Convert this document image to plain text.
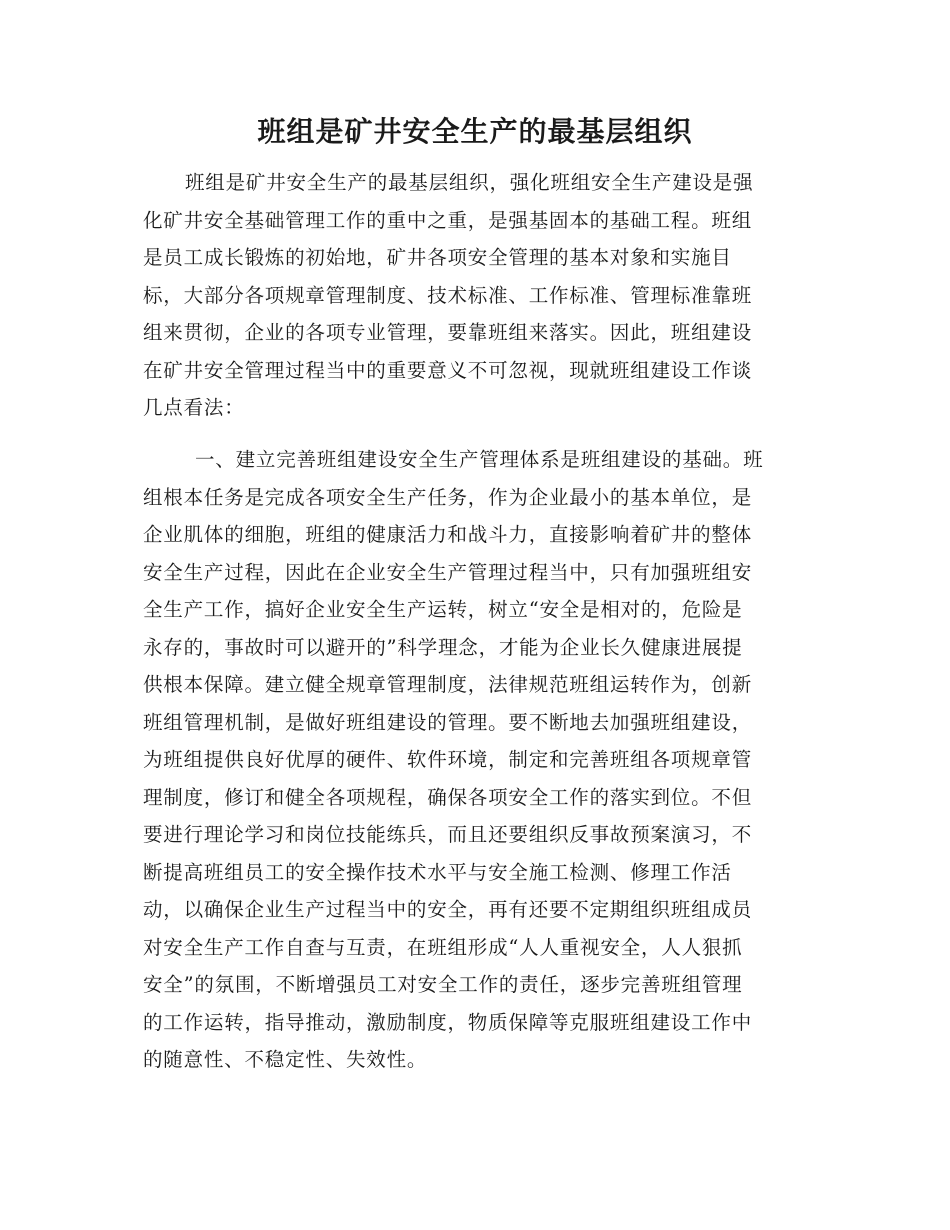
班组是矿井安全生产的最基层组织
班组是矿井安全生产的最基层组织，强化班组安全生产建设是强
化矿井安全基础管理工作的重中之重，是强基固本的基础工程。班组
是员工成长锻炼的初始地，矿井各项安全管理的基本对象和实施目
标，大部分各项规章管理制度、技术标准、工作标准、管理标准靠班
组来贯彻，企业的各项专业管理，要靠班组来落实。因此，班组建设
在矿井安全管理过程当中的重要意义不可忽视，现就班组建设工作谈
几点看法：
一、建立完善班组建设安全生产管理体系是班组建设的基础。班
组根本任务是完成各项安全生产任务，作为企业最小的基本单位，是
企业肌体的细胞，班组的健康活力和战斗力，直接影响着矿井的整体
安全生产过程，因此在企业安全生产管理过程当中，只有加强班组安
全生产工作，搞好企业安全生产运转，树立“安全是相对的，危险是
永存的，事故时可以避开的”科学理念，才能为企业长久健康进展提
供根本保障。建立健全规章管理制度，法律规范班组运转作为，创新
班组管理机制，是做好班组建设的管理。要不断地去加强班组建设，
为班组提供良好优厚的硬件、软件环境，制定和完善班组各项规章管
理制度，修订和健全各项规程，确保各项安全工作的落实到位。不但
要进行理论学习和岗位技能练兵，而且还要组织反事故预案演习，不
断提高班组员工的安全操作技术水平与安全施工检测、修理工作活
动，以确保企业生产过程当中的安全，再有还要不定期组织班组成员
对安全生产工作自查与互责，在班组形成“人人重视安全，人人狠抓
安全”的氛围，不断增强员工对安全工作的责任，逐步完善班组管理
的工作运转，指导推动，激励制度，物质保障等克服班组建设工作中
的随意性、不稳定性、失效性。
